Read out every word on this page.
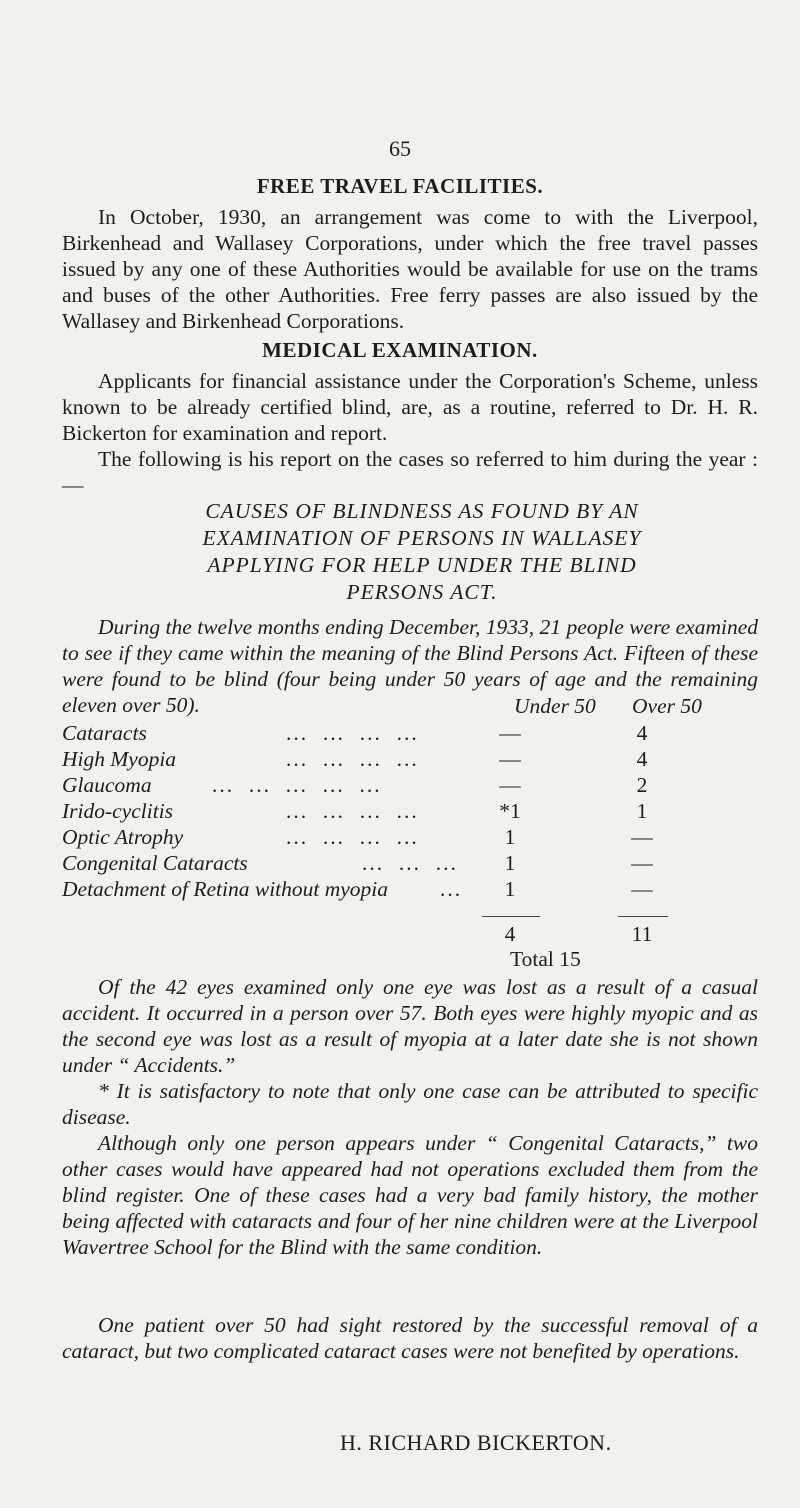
65
FREE TRAVEL FACILITIES.
In October, 1930, an arrangement was come to with the Liverpool, Birkenhead and Wallasey Corporations, under which the free travel passes issued by any one of these Authorities would be available for use on the trams and buses of the other Authorities. Free ferry passes are also issued by the Wallasey and Birkenhead Corporations.
MEDICAL EXAMINATION.
Applicants for financial assistance under the Corporation's Scheme, unless known to be already certified blind, are, as a routine, referred to Dr. H. R. Bickerton for examination and report.
The following is his report on the cases so referred to him during the year :—
CAUSES OF BLINDNESS AS FOUND BY AN
EXAMINATION OF PERSONS IN WALLASEY
APPLYING FOR HELP UNDER THE BLIND
PERSONS ACT.
During the twelve months ending December, 1933, 21 people were examined to see if they came within the meaning of the Blind Persons Act. Fifteen of these were found to be blind (four being under 50 years of age and the remaining eleven over 50).	Under 50 Over 50
Cataracts	...  ...  ...  ...	—	4
High Myopia	...  ...  ...  ...	—	4
Glaucoma	...  ...  ...  ...  ...	—	2
Irido-cyclitis	...  ...  ...  ...	*1	1
Optic Atrophy	...  ...  ...  ...	1	—
Congenital Cataracts	...  ...  ...	1	—
Detachment of Retina without myopia ...	1	—
4	11
Total 15
Of the 42 eyes examined only one eye was lost as a result of a casual accident. It occurred in a person over 57. Both eyes were highly myopic and as the second eye was lost as a result of myopia at a later date she is not shown under “ Accidents.”
* It is satisfactory to note that only one case can be attributed to specific disease.
Although only one person appears under “ Congenital Cataracts,” two other cases would have appeared had not operations excluded them from the blind register. One of these cases had a very bad family history, the mother being affected with cataracts and four of her nine children were at the Liverpool Wavertree School for the Blind with the same condition.
One patient over 50 had sight restored by the successful removal of a cataract, but two complicated cataract cases were not benefited by operations.
H. RICHARD BICKERTON.
